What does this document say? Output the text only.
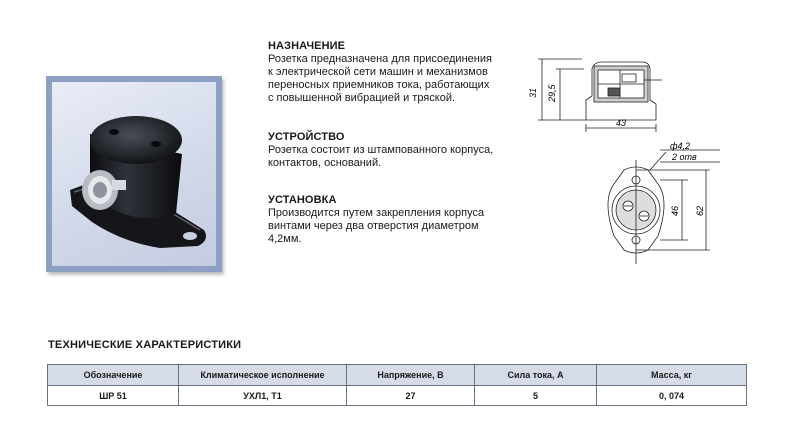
НАЗНАЧЕНИЕ
Розетка предназначена для присоединения
к электрической сети машин и механизмов
переносных приемников тока, работающих
с повышенной вибрацией и тряской.
УСТРОЙСТВО
Розетка состоит из штампованного корпуса,
контактов, оснований.
УСТАНОВКА
Производится путем закрепления корпуса
винтами через два отверстия диаметром
4,2мм.
31 29,5
43
ф4,2
2 отв
46 62
ТЕХНИЧЕСКИЕ ХАРАКТЕРИСТИКИ
Обозначение	Климатическое исполнение	Напряжение, В	Сила тока, А	Масса, кг
ШР 51	УХЛ1, Т1	27	5	0, 074
